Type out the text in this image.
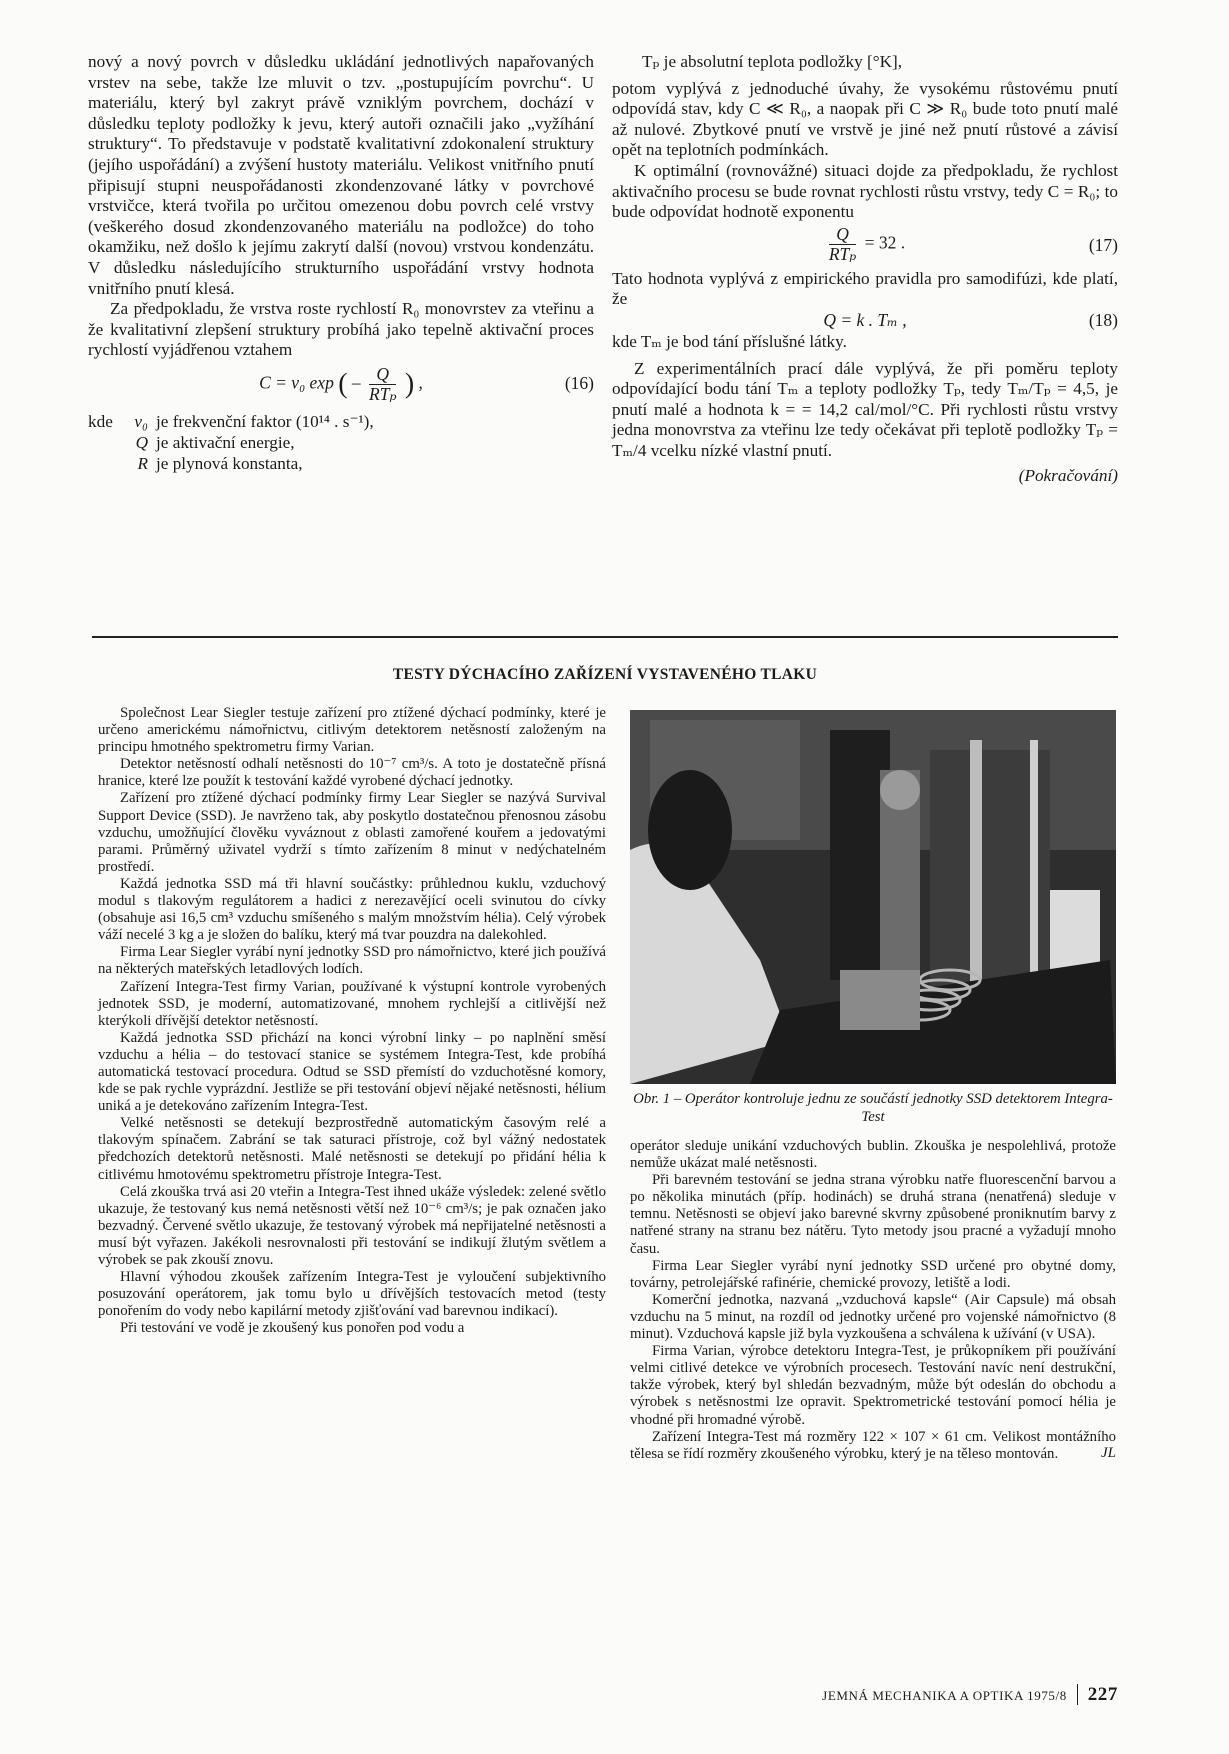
nový a nový povrch v důsledku ukládání jednotlivých napařovaných vrstev na sebe, takže lze mluvit o tzv. „postupujícím povrchu“. U materiálu, který byl zakryt právě vzniklým povrchem, dochází v důsledku teploty podložky k jevu, který autoři označili jako „vyžíhání struktury“. To představuje v podstatě kvalitativní zdokonalení struktury (jejího uspořádání) a zvýšení hustoty materiálu. Velikost vnitřního pnutí připisují stupni neuspořádanosti zkondenzované látky v povrchové vrstvičce, která tvořila po určitou omezenou dobu povrch celé vrstvy (veškerého dosud zkondenzovaného materiálu na podložce) do toho okamžiku, než došlo k jejímu zakrytí další (novou) vrstvou kondenzátu. V důsledku následujícího strukturního uspořádání vrstvy hodnota vnitřního pnutí klesá.

Za předpokladu, že vrstva roste rychlostí R₀ monovrstev za vteřinu a že kvalitativní zlepšení struktury probíhá jako tepelně aktivační proces rychlostí vyjádřenou vztahem

C = ν₀ exp ( – $\frac{Q}{\text{RTₚ}}$ ) ,	(16)
kde	ν₀ je frekvenční faktor (10¹⁴ . s⁻¹),
Q je aktivační energie,
R je plynová konstanta,

Tₚ je absolutní teplota podložky [°K],

potom vyplývá z jednoduché úvahy, že vysokému růstovému pnutí odpovídá stav, kdy C ≪ R₀, a naopak při C ≫ R₀ bude toto pnutí malé až nulové. Zbytkové pnutí ve vrstvě je jiné než pnutí růstové a závisí opět na teplotních podmínkách.

K optimální (rovnovážné) situaci dojde za předpokladu, že rychlost aktivačního procesu se bude rovnat rychlosti růstu vrstvy, tedy C = R₀; to bude odpovídat hodnotě exponentu

$\frac{Q}{\text{RTₚ}} = 32$ .	(17)

Tato hodnota vyplývá z empirického pravidla pro samodifúzi, kde platí, že

Q = k . Tₘ ,	(18)

kde Tₘ je bod tání příslušné látky.

Z experimentálních prací dále vyplývá, že při poměru teploty odpovídající bodu tání Tₘ a teploty podložky Tₚ, tedy Tₘ/Tₚ = 4,5, je pnutí malé a hodnota k = = 14,2 cal/mol/°C. Při rychlosti růstu vrstvy jedna monovrstva za vteřinu lze tedy očekávat při teplotě podložky Tₚ = Tₘ/4 vcelku nízké vlastní pnutí.

(Pokračování)
TESTY DÝCHACÍHO ZAŘÍZENÍ VYSTAVENÉHO TLAKU

Společnost Lear Siegler testuje zařízení pro ztížené dýchací podmínky, které je určeno americkému námořnictvu, citlivým detektorem netěsností založeným na principu hmotného spektrometru firmy Varian.

Detektor netěsností odhalí netěsnosti do 10⁻⁷ cm³/s. A toto je dostatečně přísná hranice, které lze použít k testování každé vyrobené dýchací jednotky.

Zařízení pro ztížené dýchací podmínky firmy Lear Siegler se nazývá Survival Support Device (SSD). Je navrženo tak, aby poskytlo dostatečnou přenosnou zásobu vzduchu, umožňující člověku vyváznout z oblasti zamořené kouřem a jedovatými parami. Průměrný uživatel vydrží s tímto zařízením 8 minut v nedýchatelném prostředí.

Každá jednotka SSD má tři hlavní součástky: průhlednou kuklu, vzduchový modul s tlakovým regulátorem a hadici z nerezavějící oceli svinutou do cívky (obsahuje asi 16,5 cm³ vzduchu smíšeného s malým množstvím hélia). Celý výrobek váží necelé 3 kg a je složen do balíku, který má tvar pouzdra na dalekohled.

Firma Lear Siegler vyrábí nyní jednotky SSD pro námořnictvo, které jich používá na některých mateřských letadlových lodích.

Zařízení Integra-Test firmy Varian, používané k výstupní kontrole vyrobených jednotek SSD, je moderní, automatizované, mnohem rychlejší a citlivější než kterýkoli dřívější detektor netěsností.

Každá jednotka SSD přichází na konci výrobní linky – po naplnění směsí vzduchu a hélia – do testovací stanice se systémem Integra-Test, kde probíhá automatická testovací procedura. Odtud se SSD přemístí do vzduchotěsné komory, kde se pak rychle vyprázdní. Jestliže se při testování objeví nějaké netěsnosti, hélium uniká a je detekováno zařízením Integra-Test.

Velké netěsnosti se detekují bezprostředně automatickým časovým relé a tlakovým spínačem. Zabrání se tak saturaci přístroje, což byl vážný nedostatek předchozích detektorů netěsnosti. Malé netěsnosti se detekují po přidání hélia k citlivému hmotovému spektrometru přístroje Integra-Test.

Celá zkouška trvá asi 20 vteřin a Integra-Test ihned ukáže výsledek: zelené světlo ukazuje, že testovaný kus nemá netěsnosti větší než 10⁻⁶ cm³/s; je pak označen jako bezvadný. Červené světlo ukazuje, že testovaný výrobek má nepřijatelné netěsnosti a musí být vyřazen. Jakékoli nesrovnalosti při testování se indikují žlutým světlem a výrobek se pak zkouší znovu.

Hlavní výhodou zkoušek zařízením Integra-Test je vyloučení subjektivního posuzování operátorem, jak tomu bylo u dřívějších testovacích metod (testy ponořením do vody nebo kapilární metody zjišťování vad barevnou indikací).

Při testování ve vodě je zkoušený kus ponořen pod vodu a

Obr. 1 – Operátor kontroluje jednu ze součástí jednotky SSD detektorem Integra-Test

operátor sleduje unikání vzduchových bublin. Zkouška je nespolehlivá, protože nemůže ukázat malé netěsnosti.

Při barevném testování se jedna strana výrobku natře fluorescenční barvou a po několika minutách (příp. hodinách) se druhá strana (nenatřená) sleduje v temnu. Netěsnosti se objeví jako barevné skvrny způsobené proniknutím barvy z natřené strany na stranu bez nátěru. Tyto metody jsou pracné a vyžadují mnoho času.

Firma Lear Siegler vyrábí nyní jednotky SSD určené pro obytné domy, továrny, petrolejářské rafinérie, chemické provozy, letiště a lodi.

Komerční jednotka, nazvaná „vzduchová kapsle“ (Air Capsule) má obsah vzduchu na 5 minut, na rozdíl od jednotky určené pro vojenské námořnictvo (8 minut). Vzduchová kapsle již byla vyzkoušena a schválena k užívání (v USA).

Firma Varian, výrobce detektoru Integra-Test, je průkopníkem při používání velmi citlivé detekce ve výrobních procesech. Testování navíc není destrukční, takže výrobek, který byl shledán bezvadným, může být odeslán do obchodu a výrobek s netěsnostmi lze opravit. Spektrometrické testování pomocí hélia je vhodné při hromadné výrobě.

Zařízení Integra-Test má rozměry 122 × 107 × 61 cm. Velikost montážního tělesa se řídí rozměry zkoušeného výrobku, který je na těleso montován.	JL
JEMNÁ MECHANIKA A OPTIKA 1975/8 227
